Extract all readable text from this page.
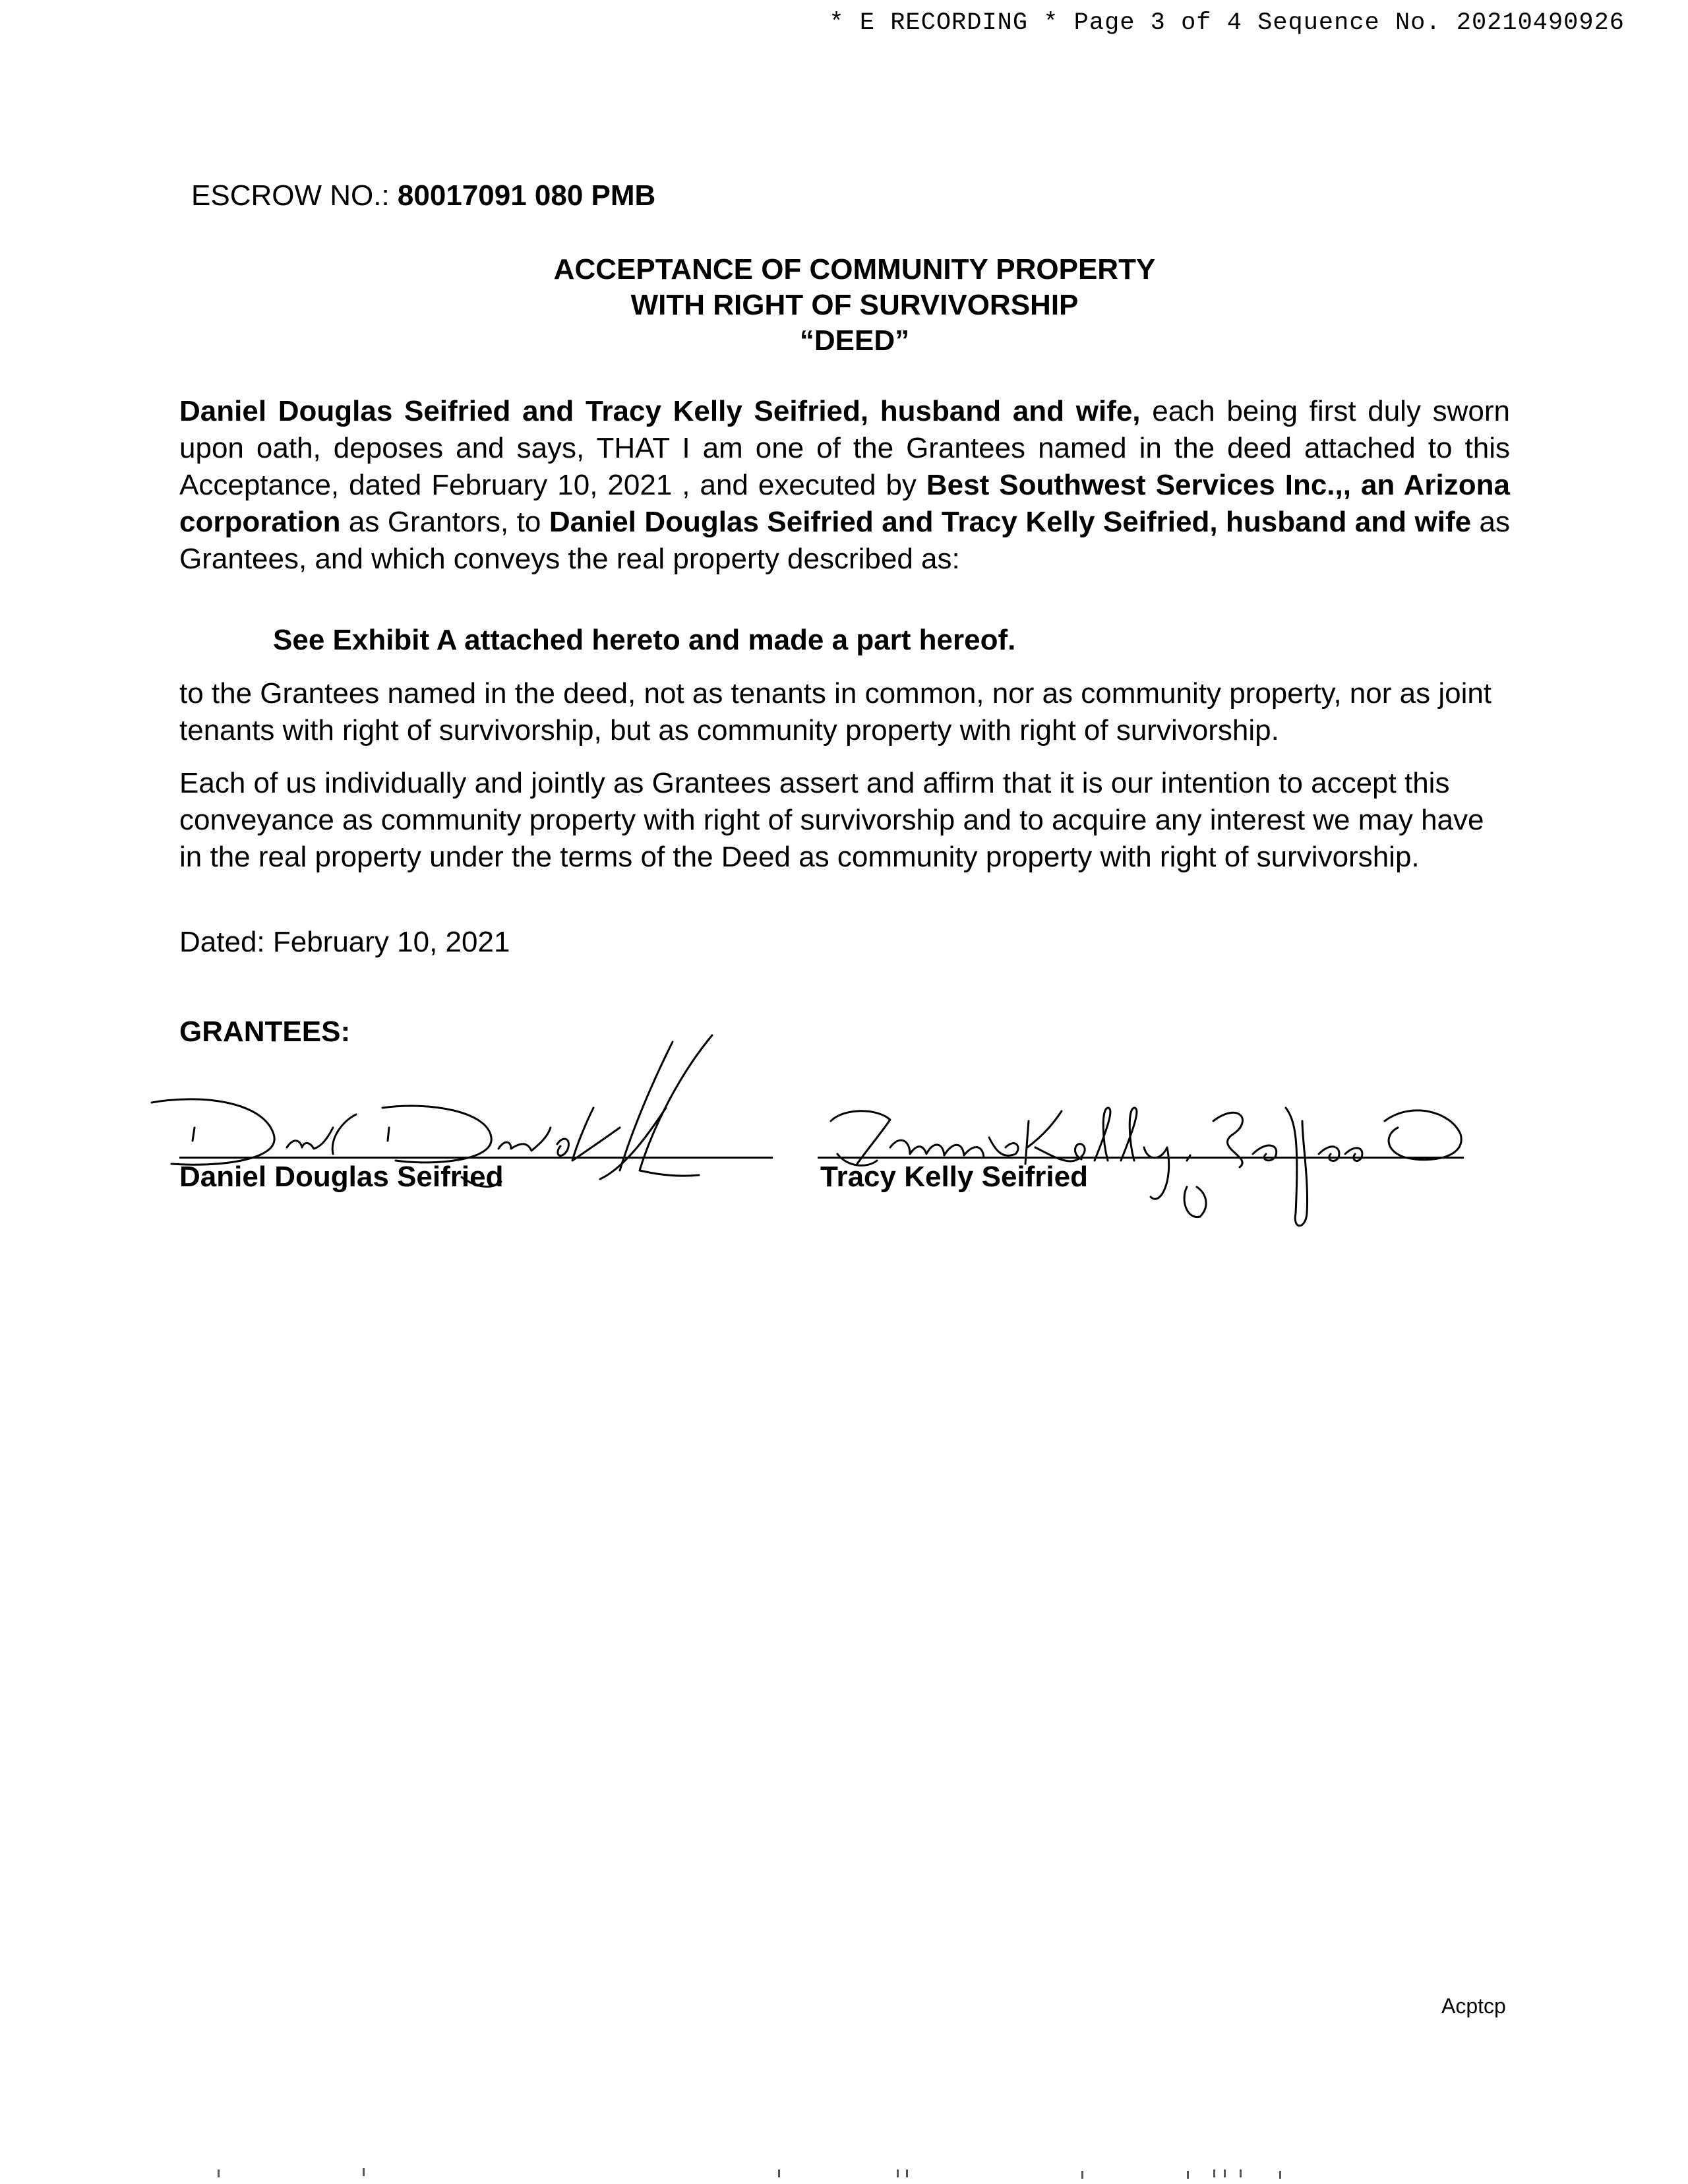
* E RECORDING * Page 3 of 4 Sequence No. 20210490926
ESCROW NO.: 80017091 080 PMB
ACCEPTANCE OF COMMUNITY PROPERTY
WITH RIGHT OF SURVIVORSHIP
“DEED”
Daniel Douglas Seifried and Tracy Kelly Seifried, husband and wife, each being first duly sworn upon oath, deposes and says, THAT I am one of the Grantees named in the deed attached to this Acceptance, dated February 10, 2021 , and executed by Best Southwest Services Inc.,, an Arizona corporation as Grantors, to Daniel Douglas Seifried and Tracy Kelly Seifried, husband and wife as Grantees, and which conveys the real property described as:
See Exhibit A attached hereto and made a part hereof.
to the Grantees named in the deed, not as tenants in common, nor as community property, nor as joint tenants with right of survivorship, but as community property with right of survivorship.
Each of us individually and jointly as Grantees assert and affirm that it is our intention to accept this conveyance as community property with right of survivorship and to acquire any interest we may have in the real property under the terms of the Deed as community property with right of survivorship.
Dated: February 10, 2021
GRANTEES:
Daniel Douglas Seifried	Tracy Kelly Seifried
Acptcp
